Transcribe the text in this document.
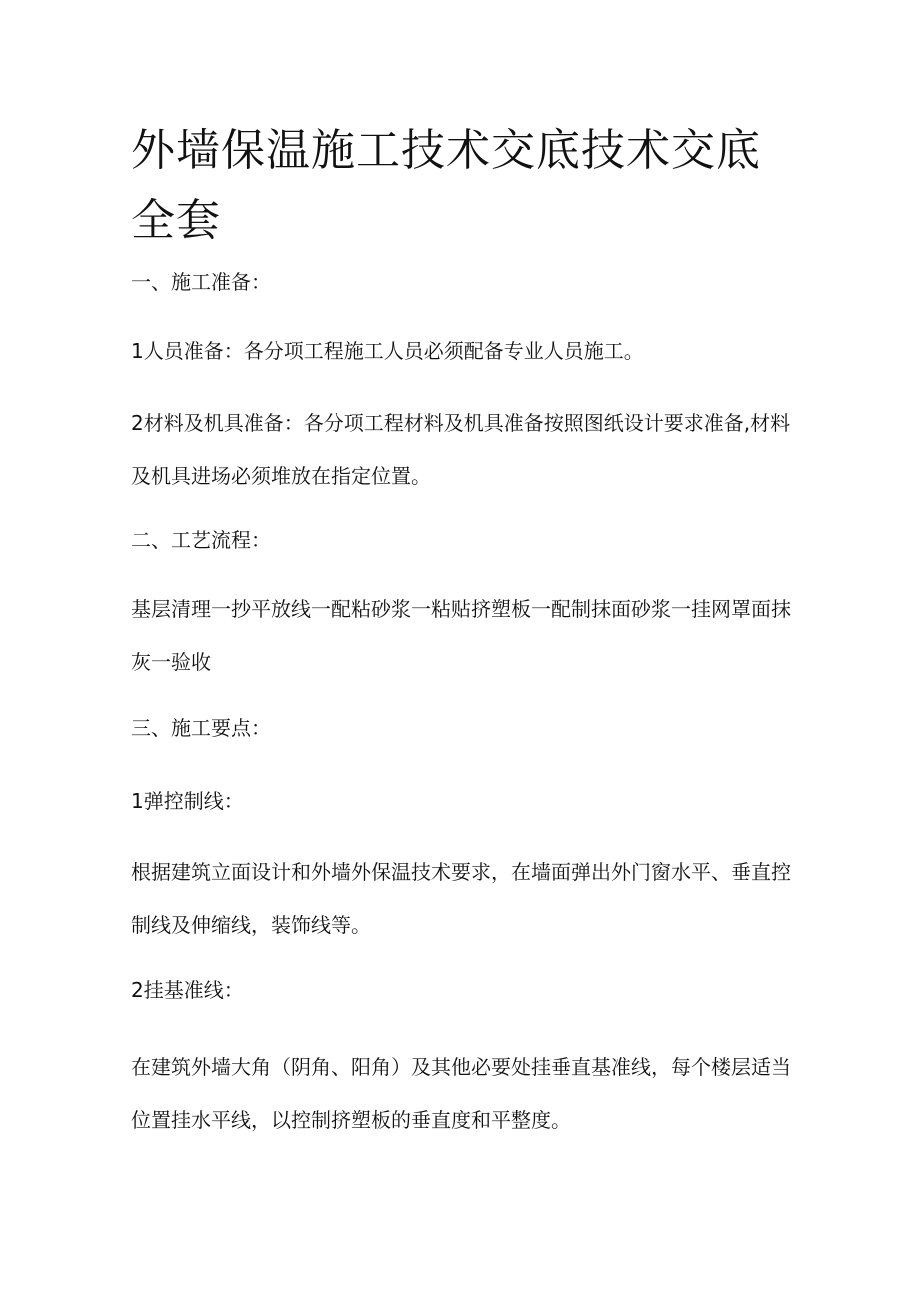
外墙保温施工技术交底技术交底全套

一、施工准备：

1人员准备：各分项工程施工人员必须配备专业人员施工。

2材料及机具准备：各分项工程材料及机具准备按照图纸设计要求准备,材料及机具进场必须堆放在指定位置。

二、工艺流程：

基层清理一抄平放线一配粘砂浆一粘贴挤塑板一配制抹面砂浆一挂网罩面抹灰一验收

三、施工要点：

1弹控制线：

根据建筑立面设计和外墙外保温技术要求，在墙面弹出外门窗水平、垂直控制线及伸缩线，装饰线等。

2挂基准线：

在建筑外墙大角（阴角、阳角）及其他必要处挂垂直基准线，每个楼层适当位置挂水平线，以控制挤塑板的垂直度和平整度。
